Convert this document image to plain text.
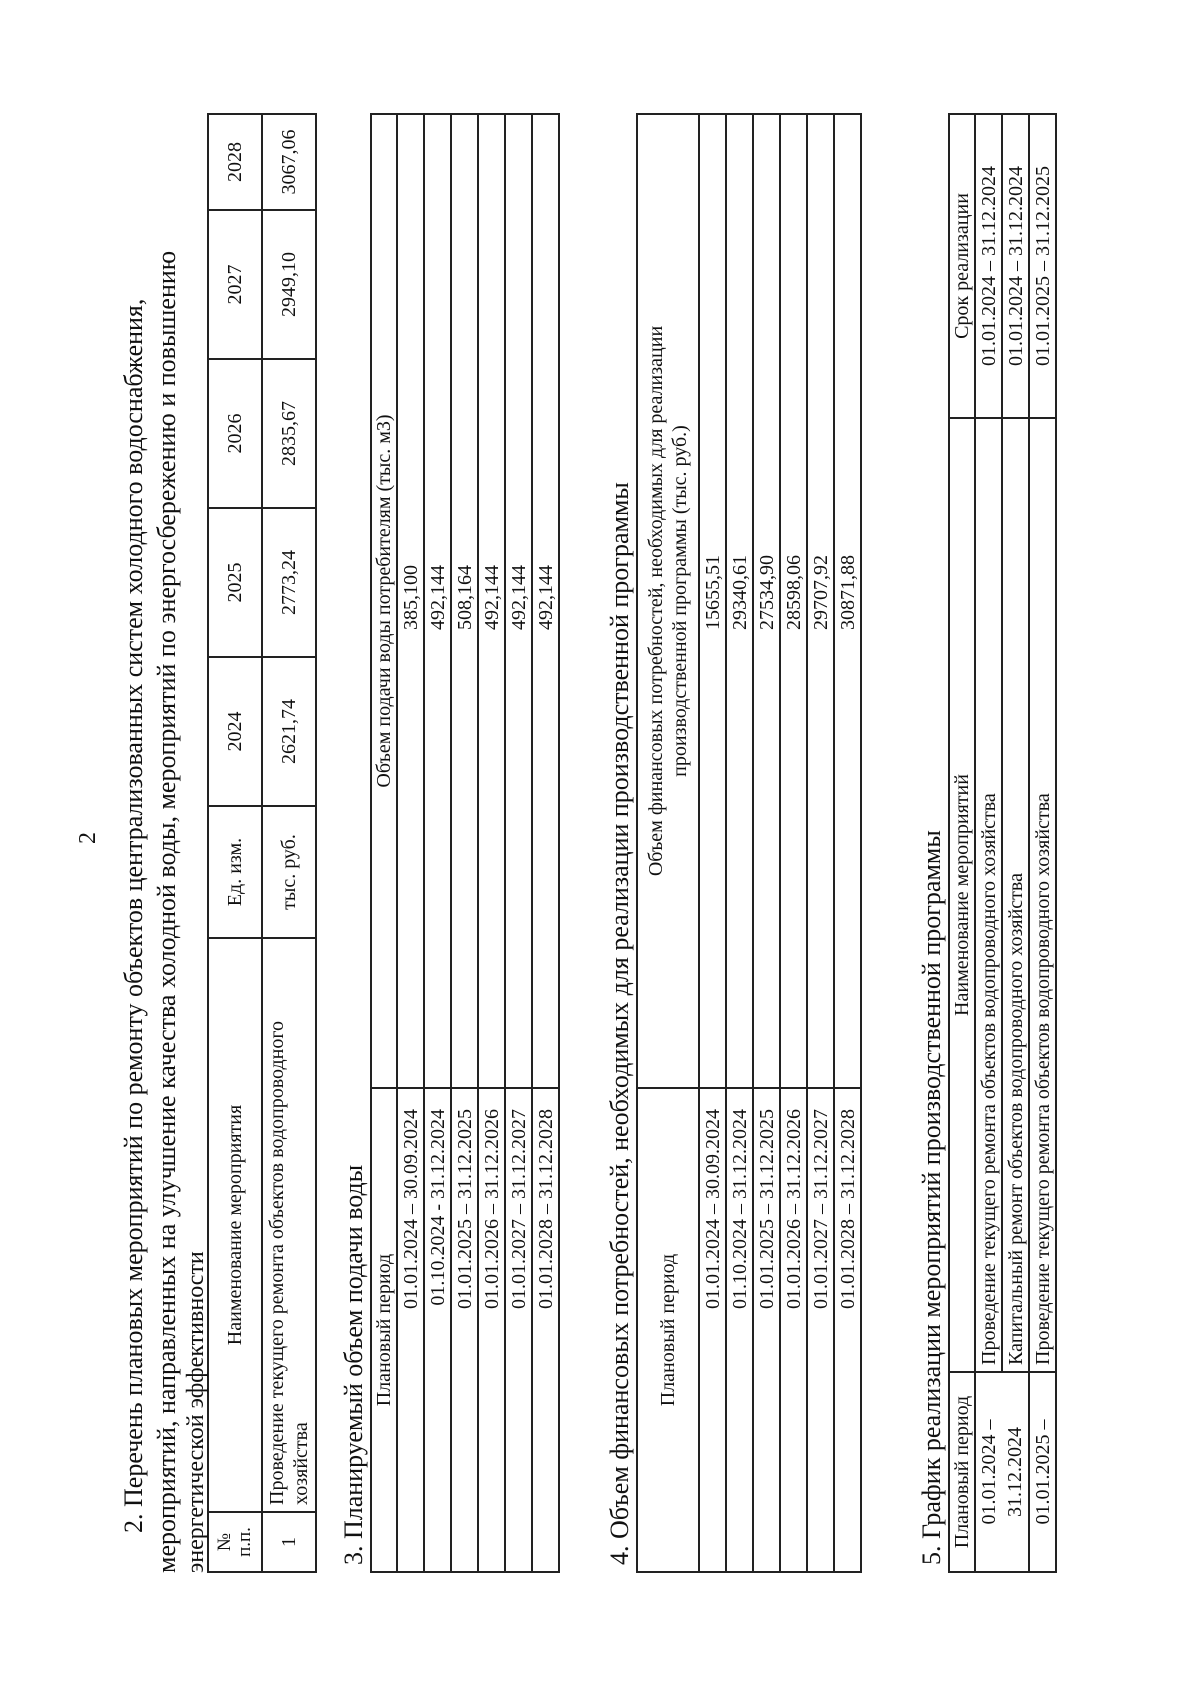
2 2. Перечень плановых мероприятий по ремонту объектов централизованных систем холодного водоснабжения, мероприятий, направленных на улучшение качества холодной воды, мероприятий по энергосбережению и повышению энергетической эффективности № п.п.	Наименование мероприятия	Ед. изм.	2024	2025	2026	2027	2028
1	Проведение текущего ремонта объектов водопроводного хозяйства	тыс. руб.	2621,74	2773,24	2835,67	2949,10	3067,06
3. Планируемый объем подачи воды Плановый период	Объем подачи воды потребителям (тыс. м3)
01.01.2024 – 30.09.2024	385,100
01.10.2024 - 31.12.2024	492,144
01.01.2025 – 31.12.2025	508,164
01.01.2026 – 31.12.2026	492,144
01.01.2027 – 31.12.2027	492,144
01.01.2028 – 31.12.2028	492,144 4. Объем финансовых потребностей, необходимых для реализации производственной программы Плановый период	Объем финансовых потребностей, необходимых для реализации производственной программы (тыс. руб.)
01.01.2024 – 30.09.2024	15655,51
01.10.2024 – 31.12.2024	29340,61
01.01.2025 – 31.12.2025	27534,90
01.01.2026 – 31.12.2026	28598,06
01.01.2027 – 31.12.2027	29707,92
01.01.2028 – 31.12.2028	30871,88
5. График реализации мероприятий производственной программы Плановый период	Наименование мероприятий	Срок реализации

01.01.2024 – 31.12.2024	Проведение текущего ремонта объектов водопроводного хозяйства	01.01.2024 – 31.12.2024
	Капитальный ремонт объектов водопроводного хозяйства	01.01.2024 – 31.12.2024

01.01.2025 –	Проведение текущего ремонта объектов водопроводного хозяйства	01.01.2025 – 31.12.2025
